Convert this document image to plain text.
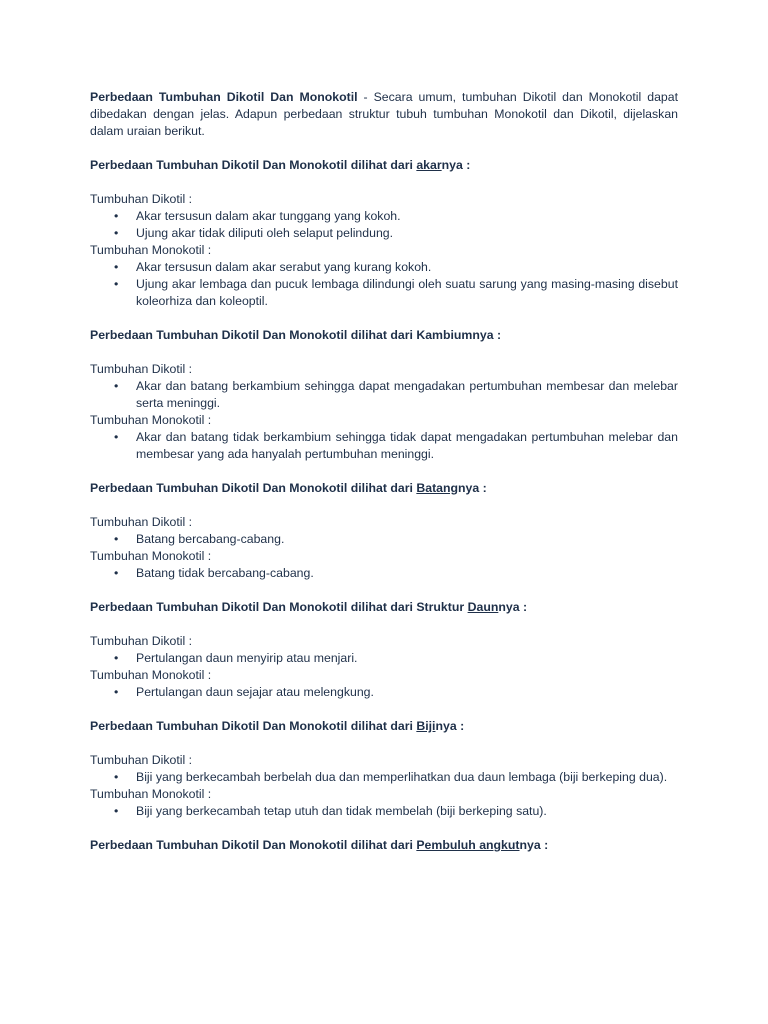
Perbedaan Tumbuhan Dikotil Dan Monokotil - Secara umum, tumbuhan Dikotil dan Monokotil dapat dibedakan dengan jelas. Adapun perbedaan struktur tubuh tumbuhan Monokotil dan Dikotil, dijelaskan dalam uraian berikut.

Perbedaan Tumbuhan Dikotil Dan Monokotil dilihat dari akarnya :

Tumbuhan Dikotil :

• Akar tersusun dalam akar tunggang yang kokoh.
• Ujung akar tidak diliputi oleh selaput pelindung.

Tumbuhan Monokotil :

• Akar tersusun dalam akar serabut yang kurang kokoh.
• Ujung akar lembaga dan pucuk lembaga dilindungi oleh suatu sarung yang masing-masing disebut koleorhiza dan koleoptil.

Perbedaan Tumbuhan Dikotil Dan Monokotil dilihat dari Kambiumnya :

Tumbuhan Dikotil :

• Akar dan batang berkambium sehingga dapat mengadakan pertumbuhan membesar dan melebar serta meninggi.

Tumbuhan Monokotil :

• Akar dan batang tidak berkambium sehingga tidak dapat mengadakan pertumbuhan melebar dan membesar yang ada hanyalah pertumbuhan meninggi.

Perbedaan Tumbuhan Dikotil Dan Monokotil dilihat dari Batangnya :

Tumbuhan Dikotil :

• Batang bercabang-cabang.

Tumbuhan Monokotil :

• Batang tidak bercabang-cabang.

Perbedaan Tumbuhan Dikotil Dan Monokotil dilihat dari Struktur Daunnya :

Tumbuhan Dikotil :

• Pertulangan daun menyirip atau menjari.

Tumbuhan Monokotil :

• Pertulangan daun sejajar atau melengkung.

Perbedaan Tumbuhan Dikotil Dan Monokotil dilihat dari Bijinya :

Tumbuhan Dikotil :

• Biji yang berkecambah berbelah dua dan memperlihatkan dua daun lembaga (biji berkeping dua).

Tumbuhan Monokotil :

• Biji yang berkecambah tetap utuh dan tidak membelah (biji berkeping satu).

Perbedaan Tumbuhan Dikotil Dan Monokotil dilihat dari Pembuluh angkutnya :
